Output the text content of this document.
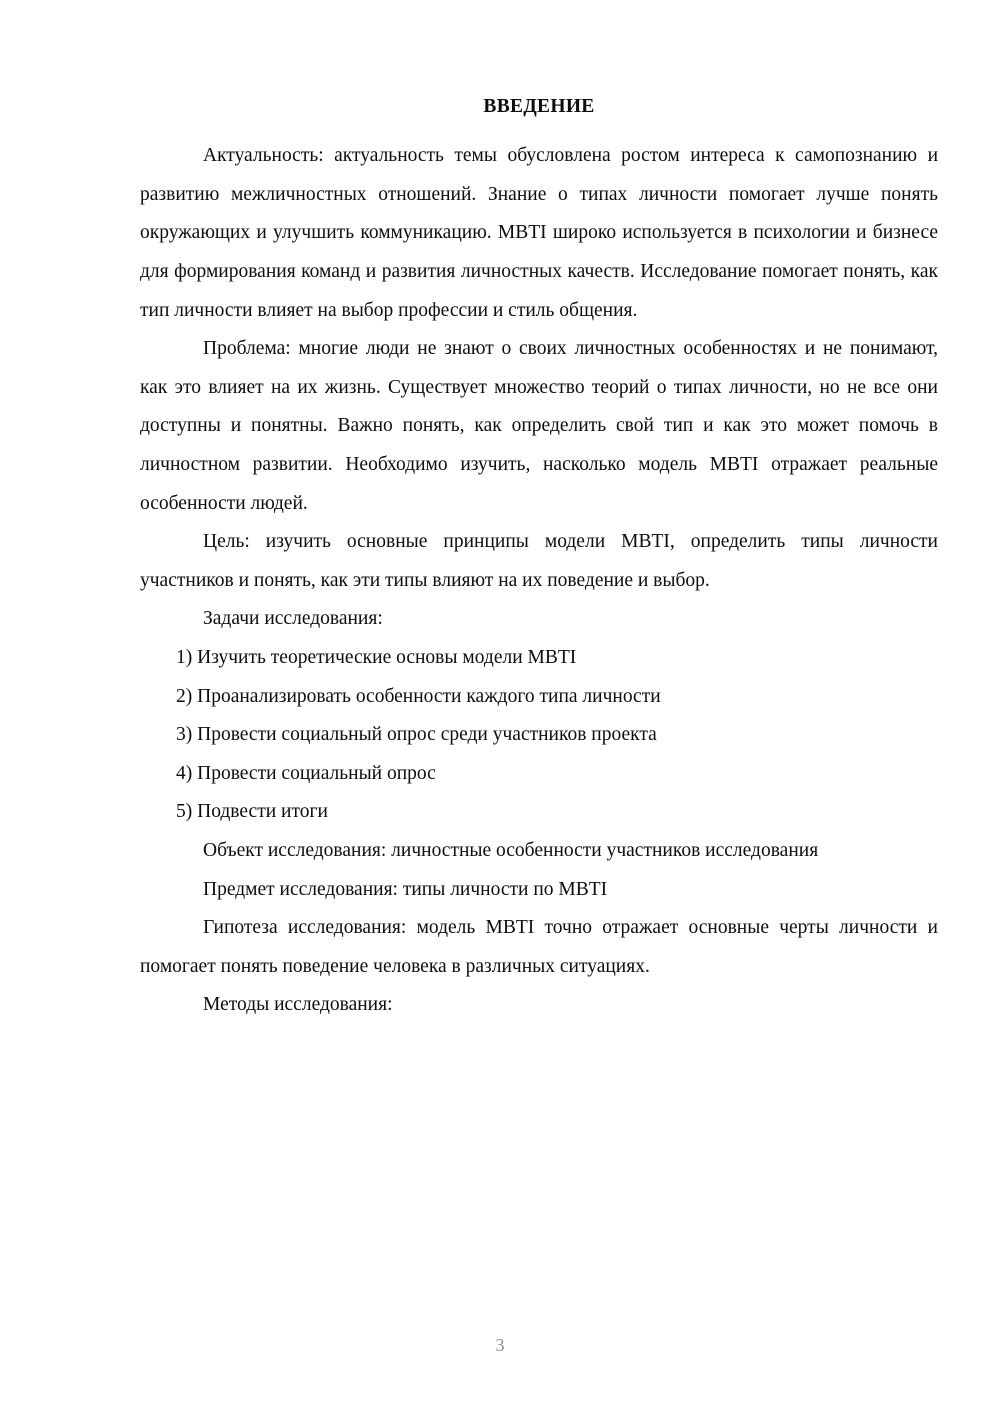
ВВЕДЕНИЕ

Актуальность: актуальность темы обусловлена ростом интереса к самопознанию и развитию межличностных отношений. Знание о типах личности помогает лучше понять окружающих и улучшить коммуникацию. MBTI широко используется в психологии и бизнесе для формирования команд и развития личностных качеств. Исследование помогает понять, как тип личности влияет на выбор профессии и стиль общения.

Проблема: многие люди не знают о своих личностных особенностях и не понимают, как это влияет на их жизнь. Существует множество теорий о типах личности, но не все они доступны и понятны. Важно понять, как определить свой тип и как это может помочь в личностном развитии. Необходимо изучить, насколько модель MBTI отражает реальные особенности людей.

Цель: изучить основные принципы модели MBTI, определить типы личности участников и понять, как эти типы влияют на их поведение и выбор.

Задачи исследования:

1) Изучить теоретические основы модели MBTI
2) Проанализировать особенности каждого типа личности
3) Провести социальный опрос среди участников проекта
4) Провести социальный опрос
5) Подвести итоги

Объект исследования: личностные особенности участников исследования

Предмет исследования: типы личности по MBTI

Гипотеза исследования: модель MBTI точно отражает основные черты личности и помогает понять поведение человека в различных ситуациях.

Методы исследования:

3
